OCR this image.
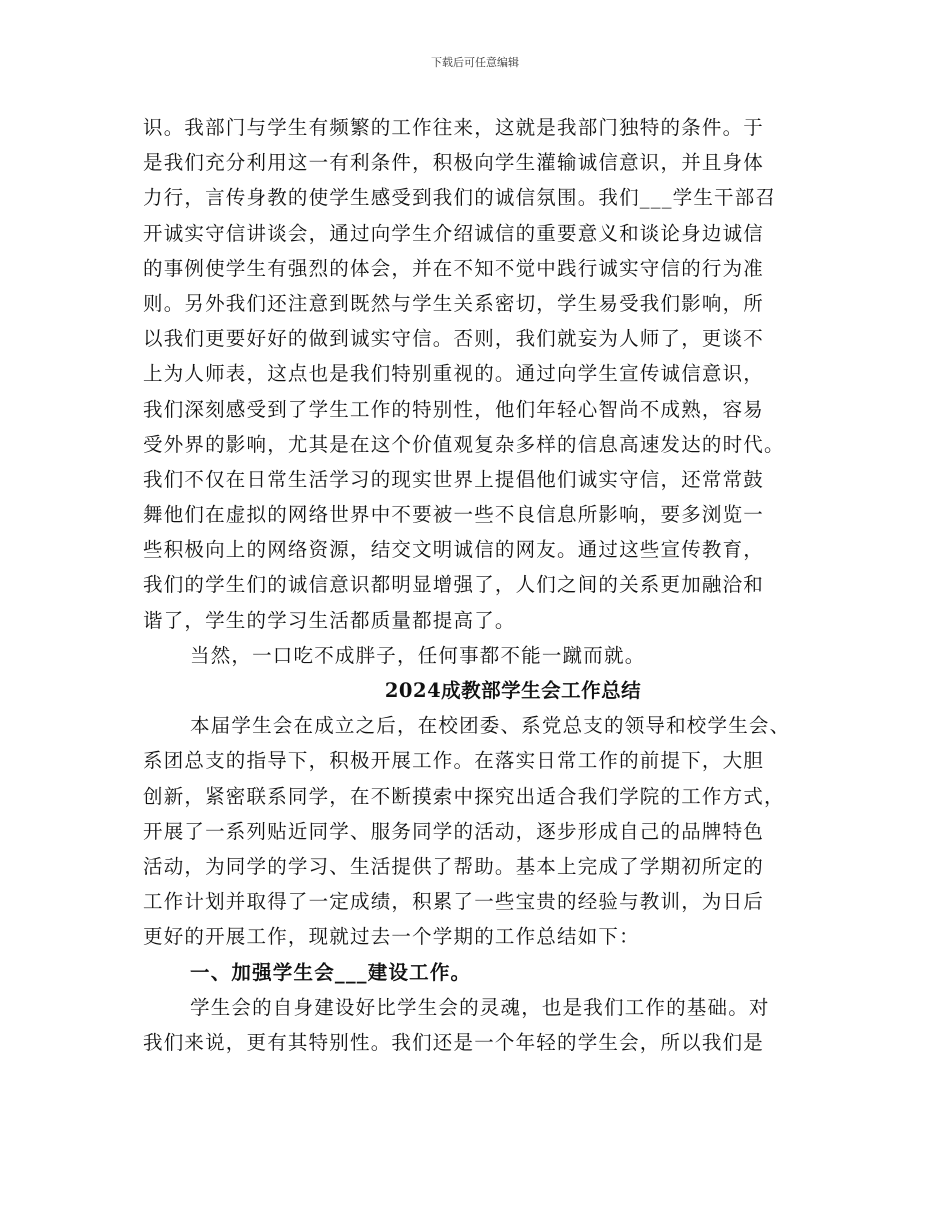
下载后可任意编辑
识。我部门与学生有频繁的工作往来，这就是我部门独特的条件。于
是我们充分利用这一有利条件，积极向学生灌输诚信意识，并且身体
力行，言传身教的使学生感受到我们的诚信氛围。我们___学生干部召
开诚实守信讲谈会，通过向学生介绍诚信的重要意义和谈论身边诚信
的事例使学生有强烈的体会，并在不知不觉中践行诚实守信的行为准
则。另外我们还注意到既然与学生关系密切，学生易受我们影响，所
以我们更要好好的做到诚实守信。否则，我们就妄为人师了，更谈不
上为人师表，这点也是我们特别重视的。通过向学生宣传诚信意识，
我们深刻感受到了学生工作的特别性，他们年轻心智尚不成熟，容易
受外界的影响，尤其是在这个价值观复杂多样的信息高速发达的时代。
我们不仅在日常生活学习的现实世界上提倡他们诚实守信，还常常鼓
舞他们在虚拟的网络世界中不要被一些不良信息所影响，要多浏览一
些积极向上的网络资源，结交文明诚信的网友。通过这些宣传教育，
我们的学生们的诚信意识都明显增强了，人们之间的关系更加融洽和
谐了，学生的学习生活都质量都提高了。
当然，一口吃不成胖子，任何事都不能一蹴而就。
2024成教部学生会工作总结
本届学生会在成立之后，在校团委、系党总支的领导和校学生会、
系团总支的指导下，积极开展工作。在落实日常工作的前提下，大胆
创新，紧密联系同学，在不断摸索中探究出适合我们学院的工作方式，
开展了一系列贴近同学、服务同学的活动，逐步形成自己的品牌特色
活动，为同学的学习、生活提供了帮助。基本上完成了学期初所定的
工作计划并取得了一定成绩，积累了一些宝贵的经验与教训，为日后
更好的开展工作，现就过去一个学期的工作总结如下：
一、加强学生会___建设工作。
学生会的自身建设好比学生会的灵魂，也是我们工作的基础。对
我们来说，更有其特别性。我们还是一个年轻的学生会，所以我们是
